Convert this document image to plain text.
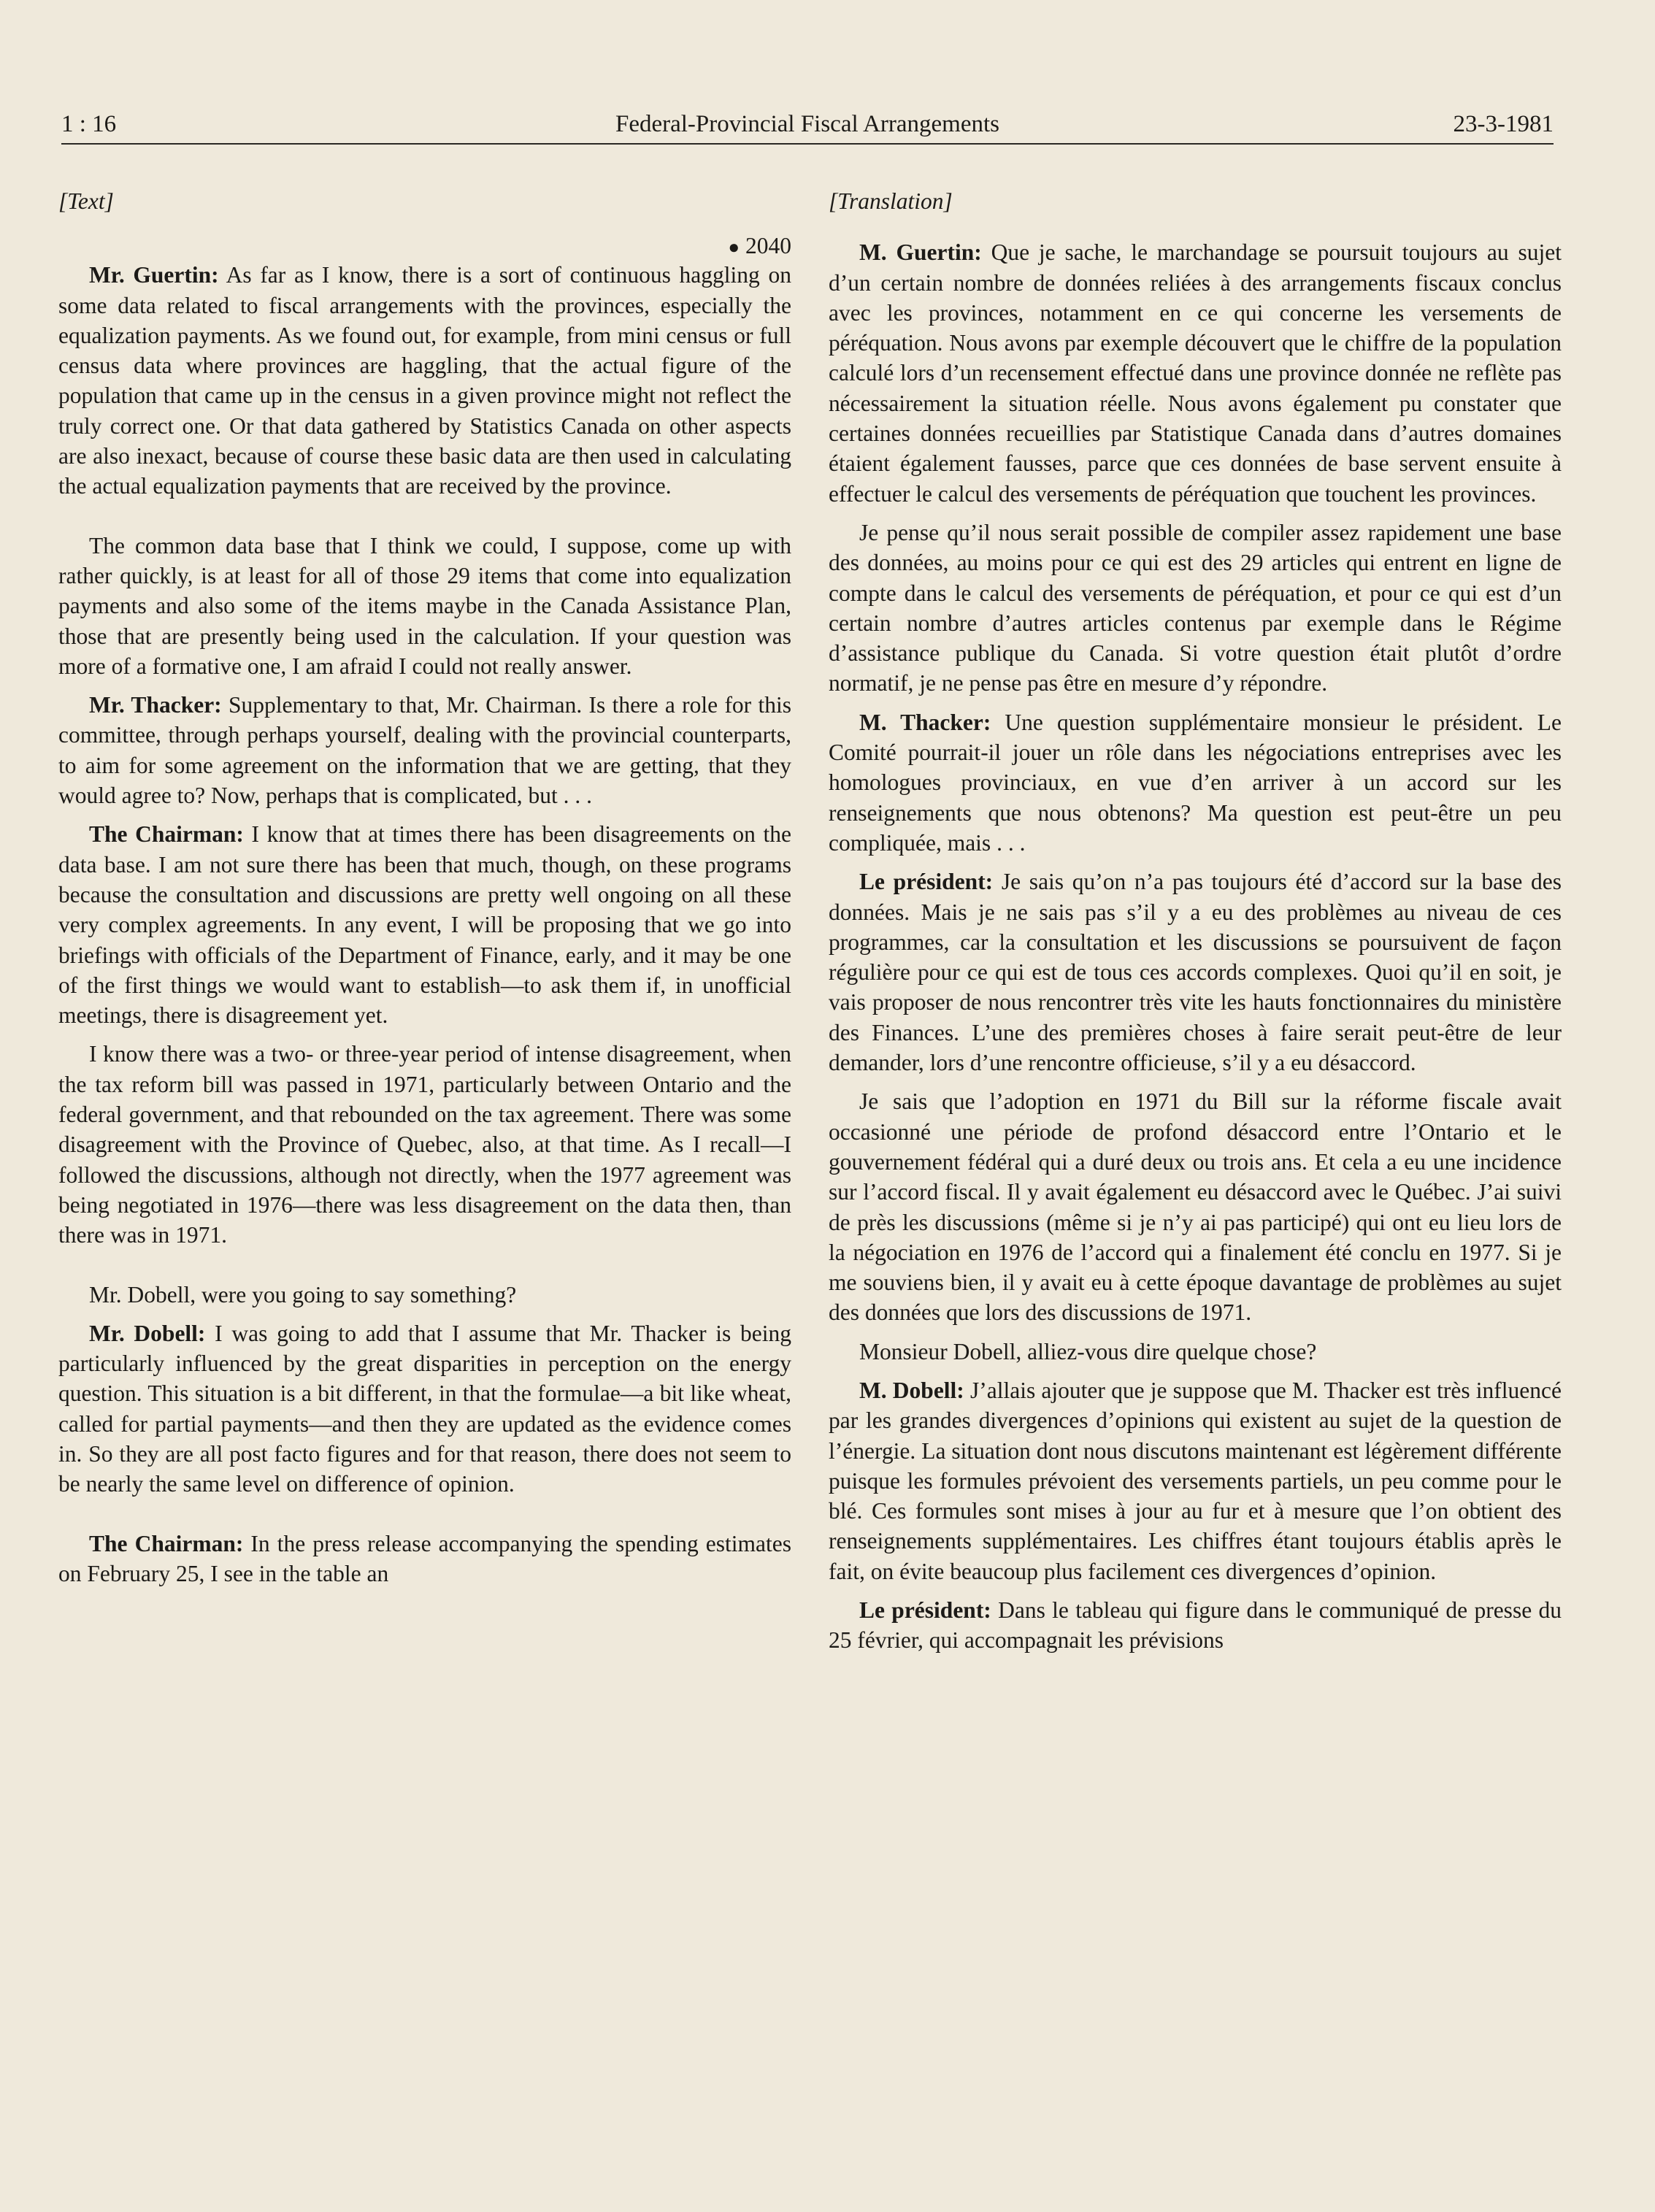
Federal-Provincial Fiscal Arrangements
1 : 16	23-3-1981
[Text]
● 2040

Mr. Guertin: As far as I know, there is a sort of continuous haggling on some data related to fiscal arrangements with the provinces, especially the equalization payments. As we found out, for example, from mini census or full census data where provinces are haggling, that the actual figure of the population that came up in the census in a given province might not reflect the truly correct one. Or that data gathered by Statistics Canada on other aspects are also inexact, because of course these basic data are then used in calculating the actual equalization payments that are received by the province.

The common data base that I think we could, I suppose, come up with rather quickly, is at least for all of those 29 items that come into equalization payments and also some of the items maybe in the Canada Assistance Plan, those that are presently being used in the calculation. If your question was more of a formative one, I am afraid I could not really answer.

Mr. Thacker: Supplementary to that, Mr. Chairman. Is there a role for this committee, through perhaps yourself, dealing with the provincial counterparts, to aim for some agreement on the information that we are getting, that they would agree to? Now, perhaps that is complicated, but . . .

The Chairman: I know that at times there has been disagreements on the data base. I am not sure there has been that much, though, on these programs because the consultation and discussions are pretty well ongoing on all these very complex agreements. In any event, I will be proposing that we go into briefings with officials of the Department of Finance, early, and it may be one of the first things we would want to establish—to ask them if, in unofficial meetings, there is disagreement yet.

I know there was a two- or three-year period of intense disagreement, when the tax reform bill was passed in 1971, particularly between Ontario and the federal government, and that rebounded on the tax agreement. There was some disagreement with the Province of Quebec, also, at that time. As I recall—I followed the discussions, although not directly, when the 1977 agreement was being negotiated in 1976—there was less disagreement on the data then, than there was in 1971.

Mr. Dobell, were you going to say something?

Mr. Dobell: I was going to add that I assume that Mr. Thacker is being particularly influenced by the great disparities in perception on the energy question. This situation is a bit different, in that the formulae—a bit like wheat, called for partial payments—and then they are updated as the evidence comes in. So they are all post facto figures and for that reason, there does not seem to be nearly the same level on difference of opinion.

The Chairman: In the press release accompanying the spending estimates on February 25, I see in the table an

[Translation]

M. Guertin: Que je sache, le marchandage se poursuit toujours au sujet d’un certain nombre de données reliées à des arrangements fiscaux conclus avec les provinces, notamment en ce qui concerne les versements de péréquation. Nous avons par exemple découvert que le chiffre de la population calculé lors d’un recensement effectué dans une province donnée ne reflète pas nécessairement la situation réelle. Nous avons également pu constater que certaines données recueillies par Statistique Canada dans d’autres domaines étaient également fausses, parce que ces données de base servent ensuite à effectuer le calcul des versements de péréquation que touchent les provinces.

Je pense qu’il nous serait possible de compiler assez rapidement une base des données, au moins pour ce qui est des 29 articles qui entrent en ligne de compte dans le calcul des versements de péréquation, et pour ce qui est d’un certain nombre d’autres articles contenus par exemple dans le Régime d’assistance publique du Canada. Si votre question était plutôt d’ordre normatif, je ne pense pas être en mesure d’y répondre.

M. Thacker: Une question supplémentaire monsieur le président. Le Comité pourrait-il jouer un rôle dans les négociations entreprises avec les homologues provinciaux, en vue d’en arriver à un accord sur les renseignements que nous obtenons? Ma question est peut-être un peu compliquée, mais . . .

Le président: Je sais qu’on n’a pas toujours été d’accord sur la base des données. Mais je ne sais pas s’il y a eu des problèmes au niveau de ces programmes, car la consultation et les discussions se poursuivent de façon régulière pour ce qui est de tous ces accords complexes. Quoi qu’il en soit, je vais proposer de nous rencontrer très vite les hauts fonctionnaires du ministère des Finances. L’une des premières choses à faire serait peut-être de leur demander, lors d’une rencontre officieuse, s’il y a eu désaccord.

Je sais que l’adoption en 1971 du Bill sur la réforme fiscale avait occasionné une période de profond désaccord entre l’Ontario et le gouvernement fédéral qui a duré deux ou trois ans. Et cela a eu une incidence sur l’accord fiscal. Il y avait également eu désaccord avec le Québec. J’ai suivi de près les discussions (même si je n’y ai pas participé) qui ont eu lieu lors de la négociation en 1976 de l’accord qui a finalement été conclu en 1977. Si je me souviens bien, il y avait eu à cette époque davantage de problèmes au sujet des données que lors des discussions de 1971.

Monsieur Dobell, alliez-vous dire quelque chose?

M. Dobell: J’allais ajouter que je suppose que M. Thacker est très influencé par les grandes divergences d’opinions qui existent au sujet de la question de l’énergie. La situation dont nous discutons maintenant est légèrement différente puisque les formules prévoient des versements partiels, un peu comme pour le blé. Ces formules sont mises à jour au fur et à mesure que l’on obtient des renseignements supplémentaires. Les chiffres étant toujours établis après le fait, on évite beaucoup plus facilement ces divergences d’opinion.

Le président: Dans le tableau qui figure dans le communiqué de presse du 25 février, qui accompagnait les prévisions
